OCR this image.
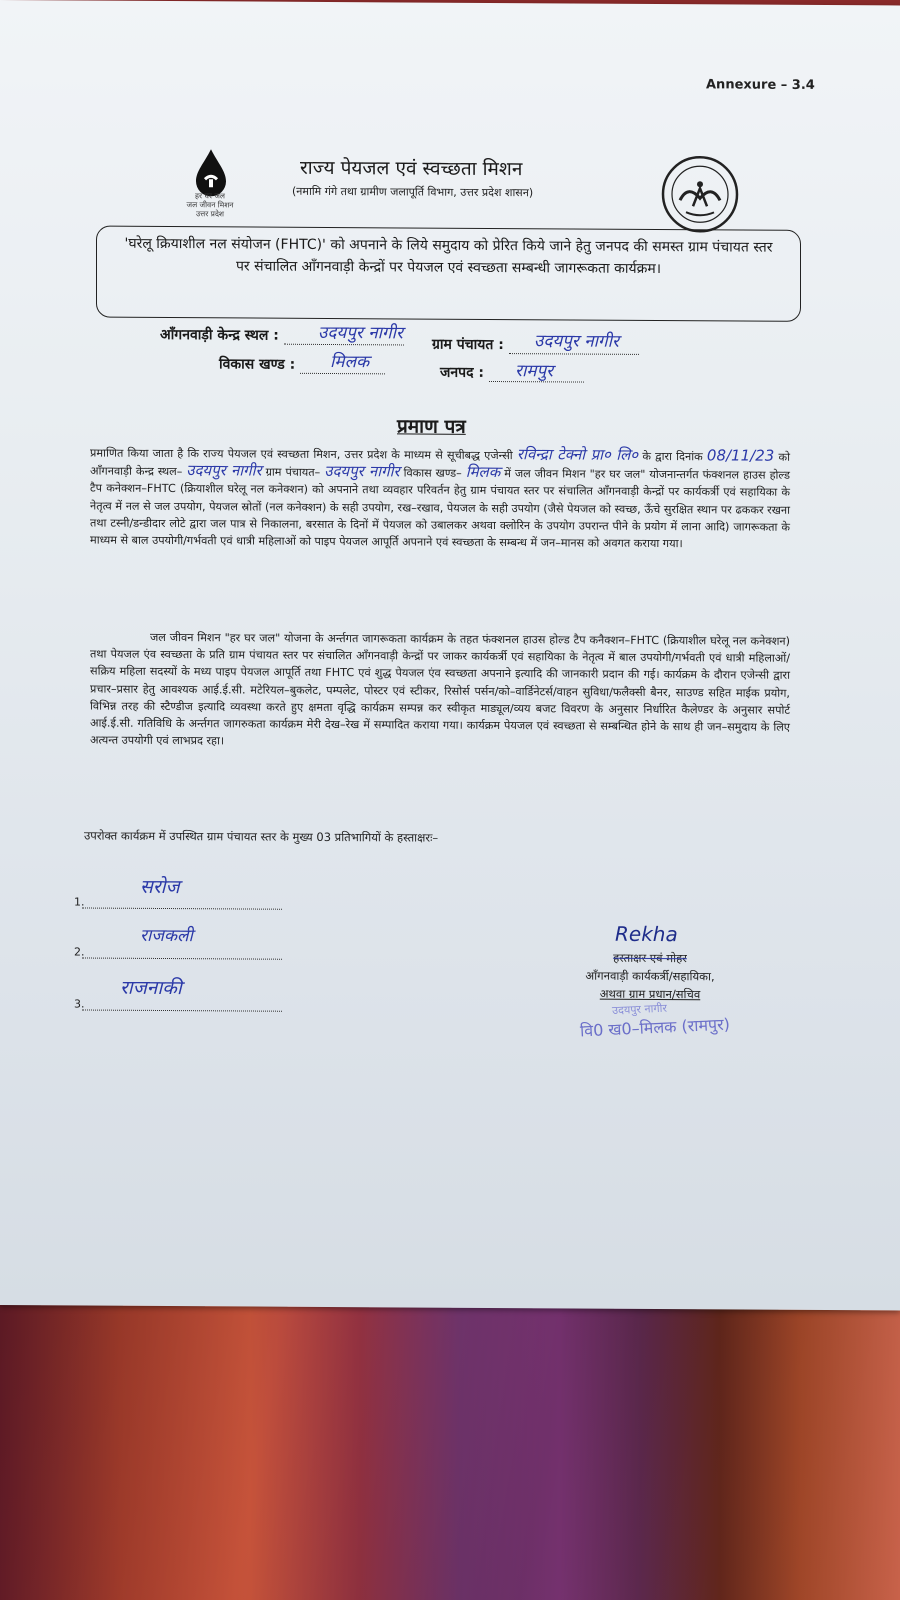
Annexure – 3.4
हर घर जल
जल जीवन मिशन
उत्तर प्रदेश
राज्य पेयजल एवं स्वच्छता मिशन
(नमामि गंगे तथा ग्रामीण जलापूर्ति विभाग, उत्तर प्रदेश शासन)
'घरेलू क्रियाशील नल संयोजन (FHTC)' को अपनाने के लिये समुदाय को प्रेरित किये जाने हेतु जनपद की समस्त ग्राम पंचायत स्तर पर संचालित आँगनवाड़ी केन्द्रों पर पेयजल एवं स्वच्छता सम्बन्धी जागरूकता कार्यक्रम।
आँगनवाड़ी केन्द्र स्थल :	उदयपुर नागीर
ग्राम पंचायत :	उदयपुर नागीर
विकास खण्ड :	मिलक
जनपद :	रामपुर
प्रमाण पत्र
प्रमाणित किया जाता है कि राज्य पेयजल एवं स्वच्छता मिशन, उत्तर प्रदेश के माध्यम से सूचीबद्ध एजेन्सी रविन्द्रा टेक्नो प्रा० लि० के द्वारा दिनांक 08/11/23 को आँगनवाड़ी केन्द्र स्थल– उदयपुर नागीर ग्राम पंचायत– उदयपुर नागीर विकास खण्ड– मिलक में जल जीवन मिशन "हर घर जल" योजनान्तर्गत फंक्शनल हाउस होल्ड टैप कनेक्शन–FHTC (क्रियाशील घरेलू नल कनेक्शन) को अपनाने तथा व्यवहार परिवर्तन हेतु ग्राम पंचायत स्तर पर संचालित आँगनवाड़ी केन्द्रों पर कार्यकर्त्री एवं सहायिका के नेतृत्व में नल से जल उपयोग, पेयजल स्रोतों (नल कनेक्शन) के सही उपयोग, रख–रखाव, पेयजल के सही उपयोग (जैसे पेयजल को स्वच्छ, ऊँचे सुरक्षित स्थान पर ढककर रखना तथा टस्नी/डन्डीदार लोटे द्वारा जल पात्र से निकालना, बरसात के दिनों में पेयजल को उबालकर अथवा क्लोरिन के उपयोग उपरान्त पीने के प्रयोग में लाना आदि) जागरूकता के माध्यम से बाल उपयोगी/गर्भवती एवं धात्री महिलाओं को पाइप पेयजल आपूर्ति अपनाने एवं स्वच्छता के सम्बन्ध में जन–मानस को अवगत कराया गया।
जल जीवन मिशन "हर घर जल" योजना के अर्न्तगत जागरूकता कार्यक्रम के तहत फंक्शनल हाउस होल्ड टैप कनैक्शन–FHTC (क्रियाशील घरेलू नल कनेक्शन) तथा पेयजल एंव स्वच्छता के प्रति ग्राम पंचायत स्तर पर संचालित आँगनवाड़ी केन्द्रों पर जाकर कार्यकर्त्री एवं सहायिका के नेतृत्व में बाल उपयोगी/गर्भवती एवं धात्री महिलाओं/सक्रिय महिला सदस्यों के मध्य पाइप पेयजल आपूर्ति तथा FHTC एवं शुद्ध पेयजल एंव स्वच्छता अपनाने इत्यादि की जानकारी प्रदान की गई। कार्यक्रम के दौरान एजेन्सी द्वारा प्रचार–प्रसार हेतु आवश्यक आई.ई.सी. मटेरियल–बुकलेट, पम्पलेट, पोस्टर एवं स्टीकर, रिसोर्स पर्सन/को–वार्डिनेटर्स/वाहन सुविधा/फलैक्सी बैनर, साउण्ड सहित माईक प्रयोग, विभिन्न तरह की स्टैण्डीज इत्यादि व्यवस्था करते हुए क्षमता वृद्धि कार्यक्रम सम्पन्न कर स्वीकृत माड्यूल/व्यय बजट विवरण के अनुसार निर्धारित कैलेण्डर के अनुसार सपोर्ट आई.ई.सी. गतिविधि के अर्न्तगत जागरुकता कार्यक्रम मेरी देख–रेख में सम्पादित कराया गया। कार्यक्रम पेयजल एवं स्वच्छता से सम्बन्धित होने के साथ ही जन–समुदाय के लिए अत्यन्त उपयोगी एवं लाभप्रद रहा।
उपरोक्त कार्यक्रम में उपस्थित ग्राम पंचायत स्तर के मुख्य 03 प्रतिभागियों के हस्ताक्षरः–
1.
सरोज
2.
राजकली
3.
राजनाकी
Rekha
हस्ताक्षर एवं मोहर
आँगनवाड़ी कार्यकर्त्री/सहायिका,
अथवा ग्राम प्रधान/सचिव
उदयपुर नागीर
वि0 ख0–मिलक (रामपुर)
